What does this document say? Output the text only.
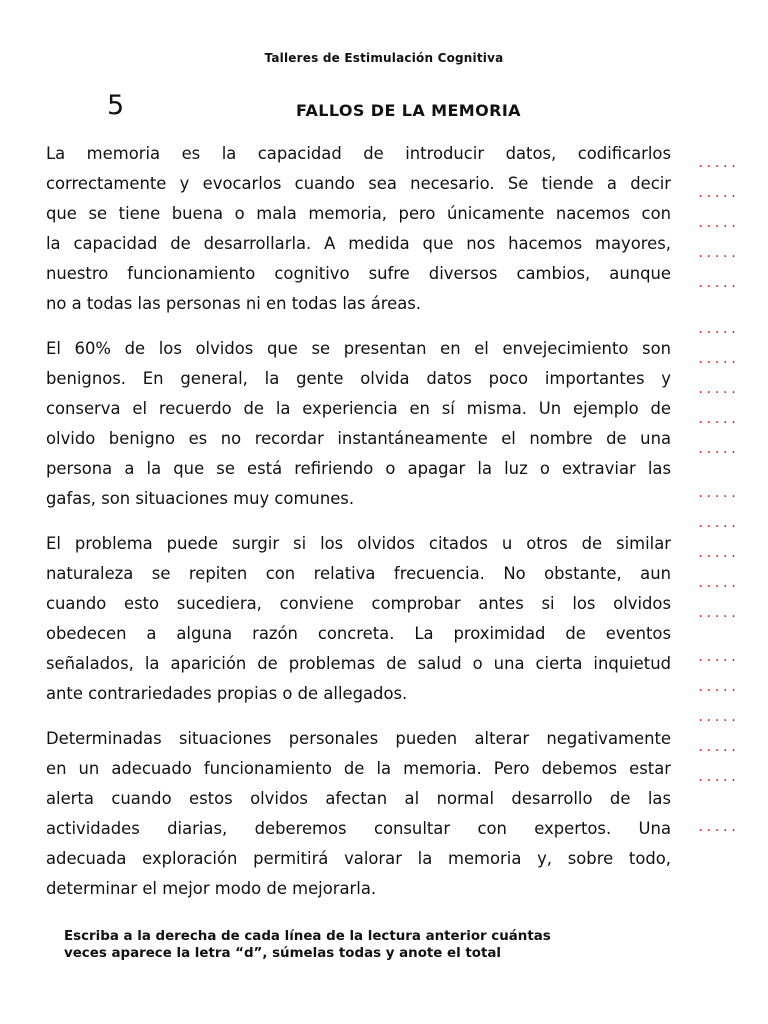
Talleres de Estimulación Cognitiva
5	FALLOS DE LA MEMORIA
La memoria es la capacidad de introducir datos, codificarlos
correctamente y evocarlos cuando sea necesario. Se tiende a decir
que se tiene buena o mala memoria, pero únicamente nacemos con
la capacidad de desarrollarla. A medida que nos hacemos mayores,
nuestro funcionamiento cognitivo sufre diversos cambios, aunque
no a todas las personas ni en todas las áreas.
El 60% de los olvidos que se presentan en el envejecimiento son
benignos. En general, la gente olvida datos poco importantes y
conserva el recuerdo de la experiencia en sí misma. Un ejemplo de
olvido benigno es no recordar instantáneamente el nombre de una
persona a la que se está refiriendo o apagar la luz o extraviar las
gafas, son situaciones muy comunes.
El problema puede surgir si los olvidos citados u otros de similar
naturaleza se repiten con relativa frecuencia. No obstante, aun
cuando esto sucediera, conviene comprobar antes si los olvidos
obedecen a alguna razón concreta. La proximidad de eventos
señalados, la aparición de problemas de salud o una cierta inquietud
ante contrariedades propias o de allegados.
Determinadas situaciones personales pueden alterar negativamente
en un adecuado funcionamiento de la memoria. Pero debemos estar
alerta cuando estos olvidos afectan al normal desarrollo de las
actividades diarias, deberemos consultar con expertos. Una
adecuada exploración permitirá valorar la memoria y, sobre todo,
determinar el mejor modo de mejorarla.
.....
.....
.....
.....
.....
.....
.....
.....
.....
.....
.....
.....
.....
.....
.....
.....
.....
.....
.....
.....
.....
Escriba a la derecha de cada línea de la lectura anterior cuántas
veces aparece la letra “d”, súmelas todas y anote el total
